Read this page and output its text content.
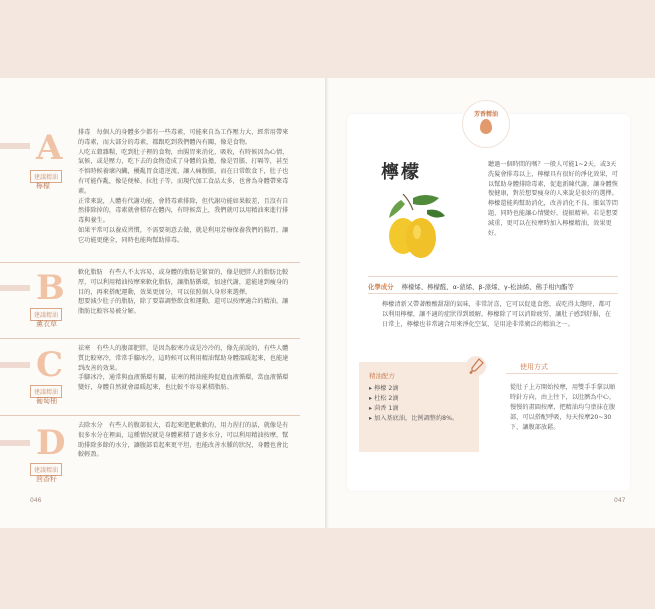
A
建議精油
檸檬

排毒　每個人的身體多少都有一些毒素，可能來自為工作壓力大、經常用帶來的毒素，而大部分的毒素，都跟吃到我們體內有關，像是食物。

人吃五穀雜糧，吃到肚子裡的食物，由腸胃來消化、吸收，有時候因為心情、氣候，或是壓力，吃下去的食物造成了身體的負擔，像是胃脹、打嗝等，甚至不慎時候養壞內臟，擾亂胃食道逆流、讓人痛腹脹，而在日常飲食下，肚子也有可能作亂，像是便秘、拉肚子等，而現代加工食品太多，也會為身體帶來毒素。

正常來說，人體有代謝功能，會將毒素排除，但代謝功能如果較差，且沒有自然排除掉的，毒素就會積存在體內，有時候當上，我們就可以用精油來進行排毒與養生。

如果平常可以養成習慣，不需要刻意去做，就是利用芳療保養我們的腸胃，讓它功能更健全，同時也能夠幫助排毒。

B
建議精油
薰衣草

軟化脂肪　有些人不太容易，或身體的脂肪是緊實的，像是肥胖人的脂肪比較厚，可以利用精油按摩來軟化脂肪，讓脂肪循環，加速代謝，還能達到瘦身的目的，再來搭配運動，效果更加分，可以依照個人身形來選擇。

想要減少肚子的脂肪，除了要靠調整飲食和運動，還可以按摩適合的精油，讓脂肪比較容易被分解。

C
建議精油
葡萄柚

祛寒　有些人的腹部肥胖，是因為較寒冷或是冷冷的，像先前說的，有些人體質比較寒冷，常常手腳冰冷，這時候可以利用精油幫助身體溫暖起來，也能達到改善的效果。

手腳冰冷，通常與血液循環有關，祛寒的精油能夠促進血液循環，當血液循環變好，身體自然就會溫暖起來，也比較不容易累積脂肪。

D
建議精油
茴香籽

去除水分　有些人的腹部很大，看起來肥肥軟軟的，用力捏打的話，就像是有很多水分在裡面，這種情況就是身體累積了過多水分，可以利用精油按摩，幫助排除多餘的水分，讓腹部看起來更平坦，也能改善水腫的狀況，身體也會比較輕盈。

046
芳香精油
檸檬	聽過一個時間的嗎？一般人可能1~2天，或3天洗髮會排毒以上，檸檬具有很好的淨化效果，可以幫助身體排除毒素，促進新陳代謝，讓身體恢復健康，對於想要瘦身的人來說是很好的選擇。檸檬還能夠幫助消化，改善消化不良、脹氣等問題，同時也能讓心情變好，提振精神。若是想要減重，更可以在按摩時加入檸檬精油，效果更好。
化學成分 檸檬烯、檸檬醛、α-蒎烯、β-蒎烯、γ-松油烯、佛手柑內酯等
檸檬清新又帶著酸酸甜甜的氣味，非常討喜，它可以促進食慾，或吃得太飽時，都可以利用檸檬，讓不適的症狀得到緩解，檸檬除了可以消除疲勞，讓肚子感到舒服，在日常上，檸檬也非常適合用來淨化空氣，是用途非常廣泛的精油之一。
精油配方
▸ 檸檬 2滴
▸ 杜松 2滴
▸ 茴香 1滴
▸ 加入基底油，比例調整約8%。
使用方式
從肚子上方開始按摩，用雙手手掌以順時針方向，由上往下，以肚臍為中心，慢慢的畫圓按摩，把精油均勻塗抹在腹部，可以搭配呼吸，每天按摩20~30下，讓腹部放鬆。
047
